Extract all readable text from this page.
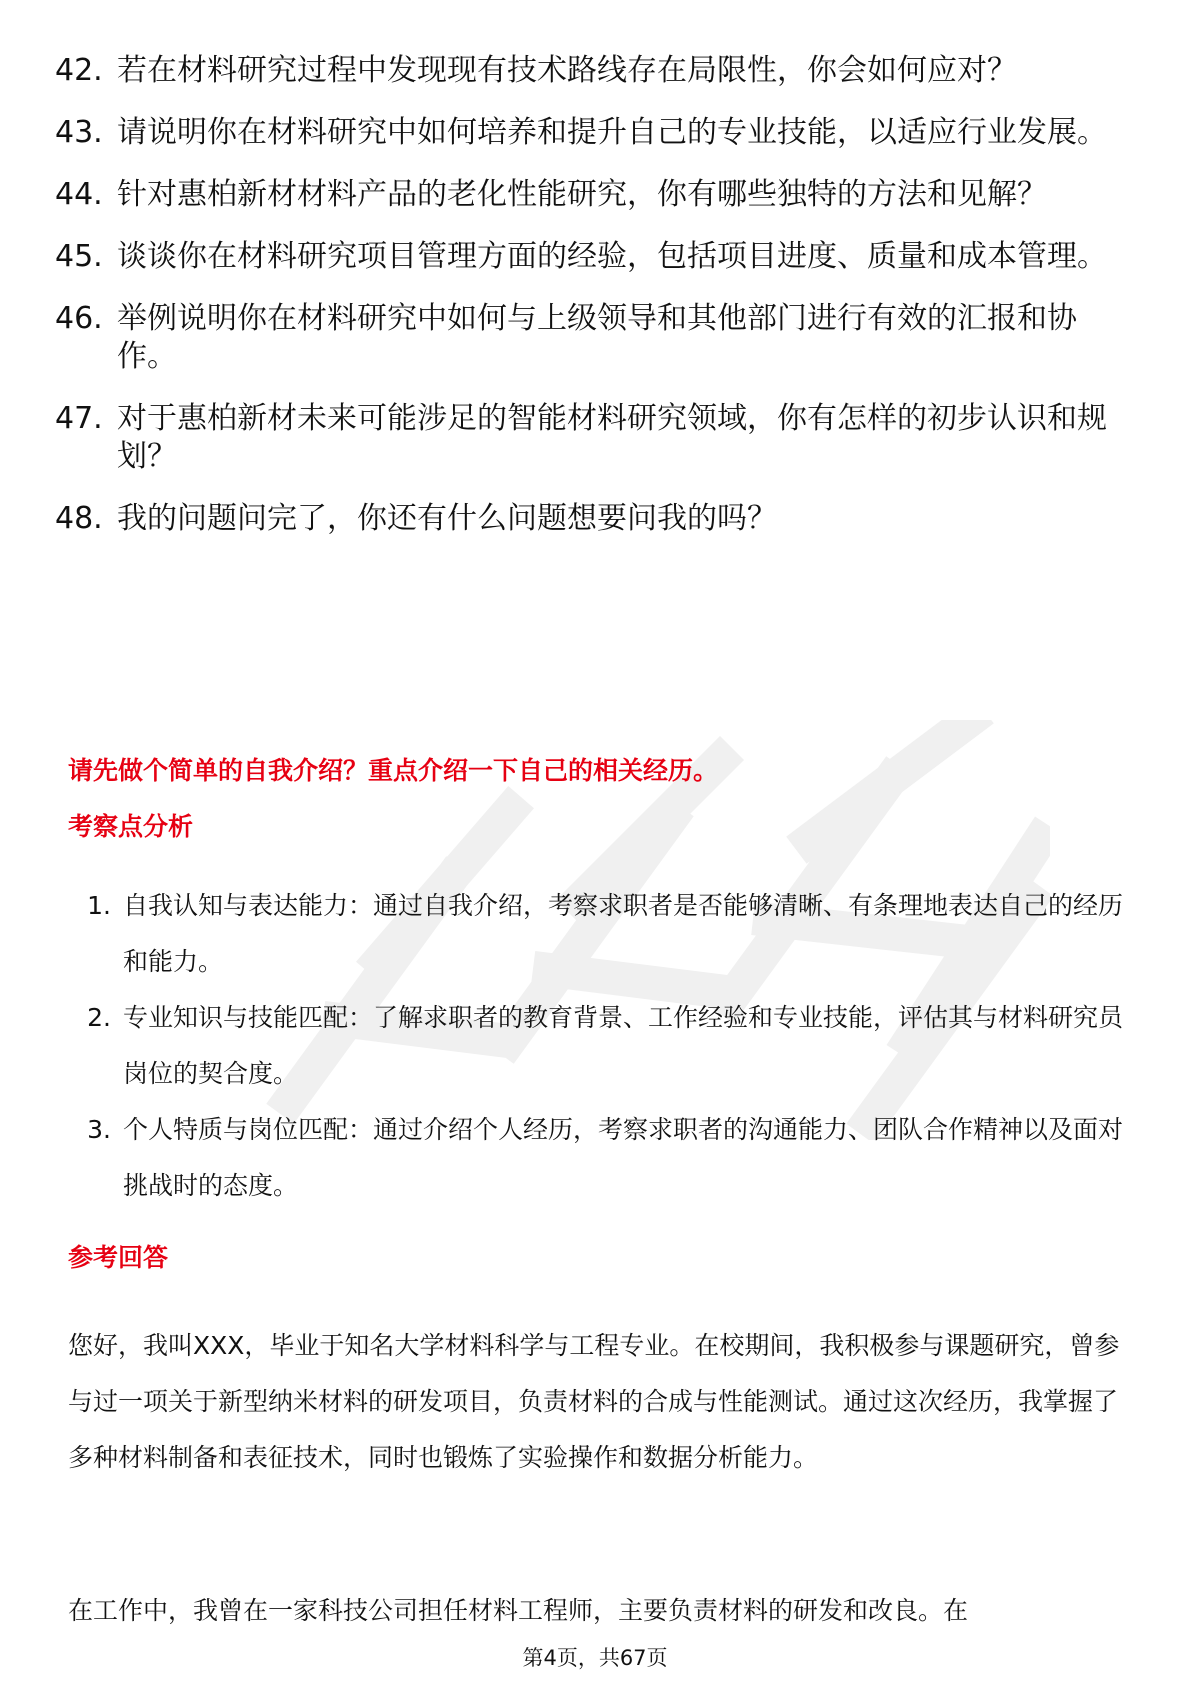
42. 若在材料研究过程中发现现有技术路线存在局限性，你会如何应对？
43. 请说明你在材料研究中如何培养和提升自己的专业技能，以适应行业发展。
44. 针对惠柏新材材料产品的老化性能研究，你有哪些独特的方法和见解？
45. 谈谈你在材料研究项目管理方面的经验，包括项目进度、质量和成本管理。
46. 举例说明你在材料研究中如何与上级领导和其他部门进行有效的汇报和协作。
47. 对于惠柏新材未来可能涉足的智能材料研究领域，你有怎样的初步认识和规划？
48. 我的问题问完了，你还有什么问题想要问我的吗？
请先做个简单的自我介绍？重点介绍一下自己的相关经历。
考察点分析
1. 自我认知与表达能力：通过自我介绍，考察求职者是否能够清晰、有条理地表达自己的经历和能力。
2. 专业知识与技能匹配：了解求职者的教育背景、工作经验和专业技能，评估其与材料研究员岗位的契合度。
3. 个人特质与岗位匹配：通过介绍个人经历，考察求职者的沟通能力、团队合作精神以及面对挑战时的态度。
参考回答
您好，我叫XXX，毕业于知名大学材料科学与工程专业。在校期间，我积极参与课题研究，曾参与过一项关于新型纳米材料的研发项目，负责材料的合成与性能测试。通过这次经历，我掌握了多种材料制备和表征技术，同时也锻炼了实验操作和数据分析能力。
在工作中，我曾在一家科技公司担任材料工程师，主要负责材料的研发和改良。在
第4页，共67页
